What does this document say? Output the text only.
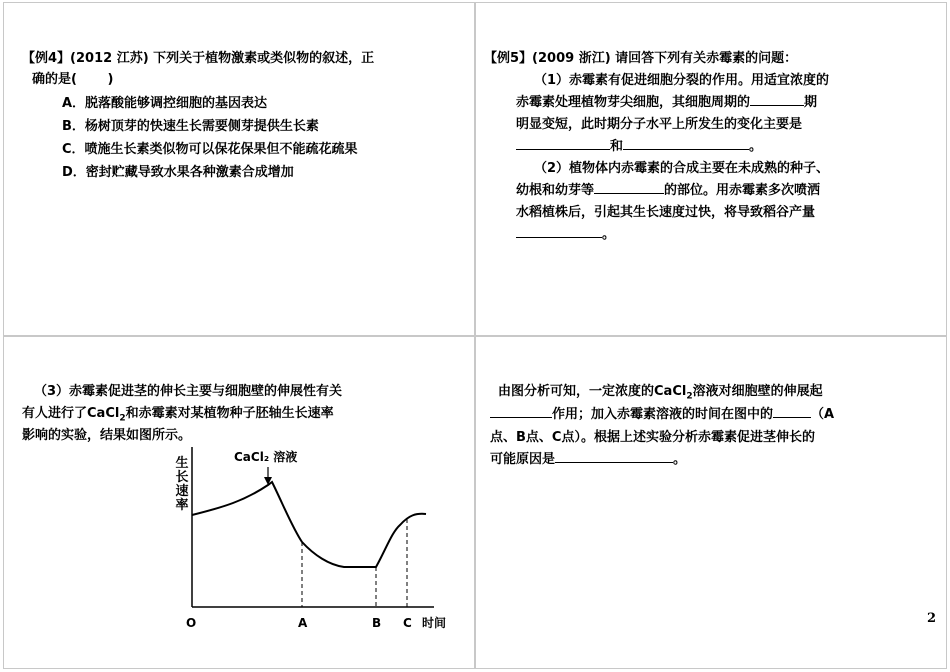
【例4】(2012 江苏) 下列关于植物激素或类似物的叙述，正
确的是(　　 )
A．脱落酸能够调控细胞的基因表达
B．杨树顶芽的快速生长需要侧芽提供生长素
C．喷施生长素类似物可以保花保果但不能疏花疏果
D．密封贮藏导致水果各种激素合成增加
【例5】(2009 浙江) 请回答下列有关赤霉素的问题：
（1）赤霉素有促进细胞分裂的作用。用适宜浓度的
赤霉素处理植物芽尖细胞，其细胞周期的	期
明显变短，此时期分子水平上所发生的变化主要是
和	。
（2）植物体内赤霉素的合成主要在未成熟的种子、
幼根和幼芽等	的部位。用赤霉素多次喷洒
水稻植株后，引起其生长速度过快，将导致稻谷产量
。
（3）赤霉素促进茎的伸长主要与细胞壁的伸展性有关
有人进行了CaCl$_2$和赤霉素对某植物种子胚轴生长速率
影响的实验，结果如图所示。
生长速率
CaCl₂ 溶液
O	A	B C 时间
由图分析可知，一定浓度的CaCl$_2$溶液对细胞壁的伸展起
作用；加入赤霉素溶液的时间在图中的	（A
点、B点、C点）。根据上述实验分析赤霉素促进茎伸长的
可能原因是	。
2
